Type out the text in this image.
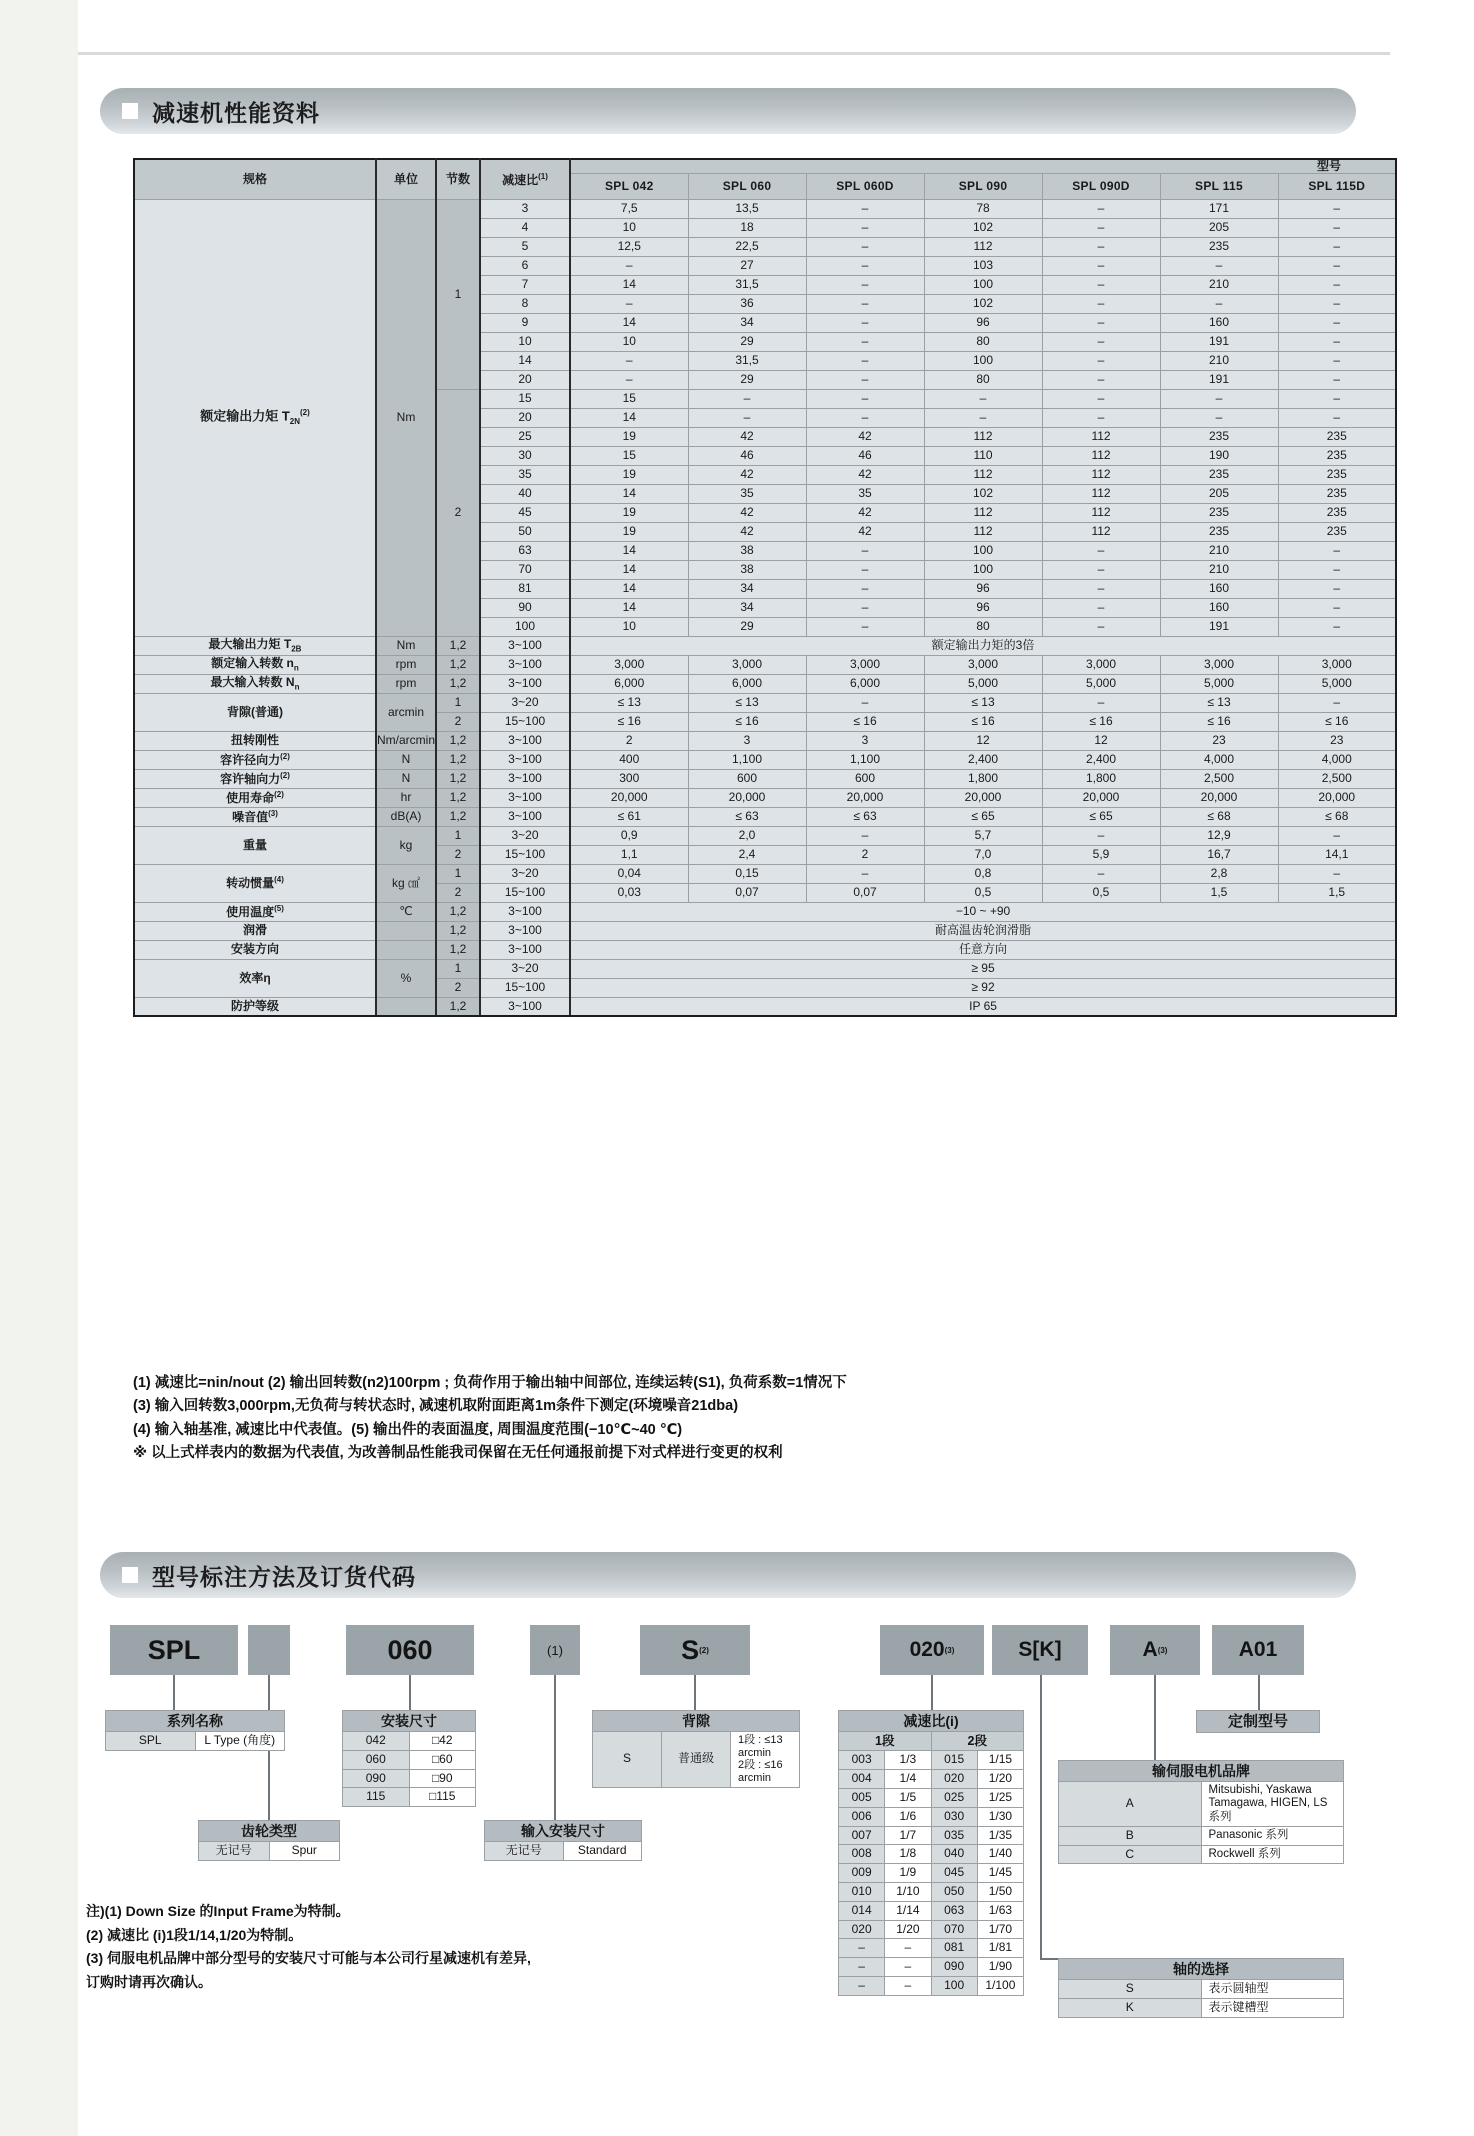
减速机性能资料
规格	单位	节数	减速比$^{(1)}$	型号						
				SPL 042	SPL 060	SPL 060D	SPL 090	SPL 090D	SPL 115	SPL 115D

额定输出力矩 $T_{2N}^{(2)}$	Nm	1	3	7,5	13,5	–	78	–	171	–
			4	10	18	–	102	–	205	–
			5	12,5	22,5	–	112	–	235	–
			6	–	27	–	103	–	–	–
			7	14	31,5	–	100	–	210	–
			8	–	36	–	102	–	–	–
			9	14	34	–	96	–	160	–
			10	10	29	–	80	–	191	–
			14	–	31,5	–	100	–	210	–
			20	–	29	–	80	–	191	–
		2	15	15	–	–	–	–	–	–
			20	14	–	–	–	–	–	–
			25	19	42	42	112	112	235	235
			30	15	46	46	110	112	190	235
			35	19	42	42	112	112	235	235
			40	14	35	35	102	112	205	235
			45	19	42	42	112	112	235	235
			50	19	42	42	112	112	235	235
			63	14	38	–	100	–	210	–
			70	14	38	–	100	–	210	–
			81	14	34	–	96	–	160	–
			90	14	34	–	96	–	160	–
			100	10	29	–	80	–	191	–
最大输出力矩 $T_{2B}$	Nm	1,2	3~100	额定输出力矩的3倍						
额定输入转数 $n_n$	rpm	1,2	3~100	3,000	3,000	3,000	3,000	3,000	3,000	3,000
最大输入转数 $N_n$	rpm	1,2	3~100	6,000	6,000	6,000	5,000	5,000	5,000	5,000
背隙(普通)	arcmin	1	3~20	≤ 13	≤ 13	–	≤ 13	–	≤ 13	–
		2	15~100	≤ 16	≤ 16	≤ 16	≤ 16	≤ 16	≤ 16	≤ 16
扭转刚性	Nm/arcmin	1,2	3~100	2	3	3	12	12	23	23
容许径向力$^{(2)}$	N	1,2	3~100	400	1,100	1,100	2,400	2,400	4,000	4,000
容许轴向力$^{(2)}$	N	1,2	3~100	300	600	600	1,800	1,800	2,500	2,500
使用寿命$^{(2)}$	hr	1,2	3~100	20,000	20,000	20,000	20,000	20,000	20,000	20,000
噪音值$^{(3)}$	dB(A)	1,2	3~100	≤ 61	≤ 63	≤ 63	≤ 65	≤ 65	≤ 68	≤ 68
重量	kg	1	3~20	0,9	2,0	–	5,7	–	12,9	–
		2	15~100	1,1	2,4	2	7,0	5,9	16,7	14,1
转动惯量$^{(4)}$	kg ㎠	1	3~20	0,04	0,15	–	0,8	–	2,8	–
		2	15~100	0,03	0,07	0,07	0,5	0,5	1,5	1,5
使用温度$^{(5)}$	℃	1,2	3~100	−10 ~ +90						
润滑		1,2	3~100	耐高温齿轮润滑脂						
安装方向		1,2	3~100	任意方向						
效率η	%	1	3~20	≥ 95						
		2	15~100	≥ 92						
防护等级		1,2	3~100	IP 65						
(1) 减速比=nin/nout (2) 输出回转数(n2)100rpm ; 负荷作用于输出轴中间部位, 连续运转(S1), 负荷系数=1情况下
(3) 输入回转数3,000rpm,无负荷与转状态时, 减速机取附面距离1m条件下测定(环境噪音21dba)
(4) 输入轴基准, 减速比中代表值。(5) 输出件的表面温度, 周围温度范围(−10℃~40 ℃)
※ 以上式样表内的数据为代表值, 为改善制品性能我司保留在无任何通报前提下对式样进行变更的权利
型号标注方法及订货代码
SPL	060	(1)	S (2)	020 (3)	S[K]	A (3)	A01
系列名称
SPL	L Type (角度)
齿轮类型
无记号	Spur
安装尺寸	
042	□42
060	□60
090	□90
115	□115
输入安装尺寸
无记号	Standard
背隙
S	普通级	1段 : ≤13 arcmin
2段 : ≤16 arcmin
减速比(i)			
1段		2段	
003	1/3	015	1/15
004	1/4	020	1/20
005	1/5	025	1/25
006	1/6	030	1/30
007	1/7	035	1/35
008	1/8	040	1/40
009	1/9	045	1/45
010	1/10	050	1/50
014	1/14	063	1/63
020	1/20	070	1/70
–	–	081	1/81
–	–	090	1/90
–	–	100	1/100
定制型号
输伺服电机品牌	
A	Mitsubishi, Yaskawa
Tamagawa, HIGEN, LS 系列
B	Panasonic 系列
C	Rockwell 系列
轴的选择	
S	表示圆轴型
K	表示键槽型
注)(1) Down Size 的Input Frame为特制。
(2) 减速比 (i)1段1/14,1/20为特制。
(3) 伺服电机品牌中部分型号的安装尺寸可能与本公司行星减速机有差异,
订购时请再次确认。
